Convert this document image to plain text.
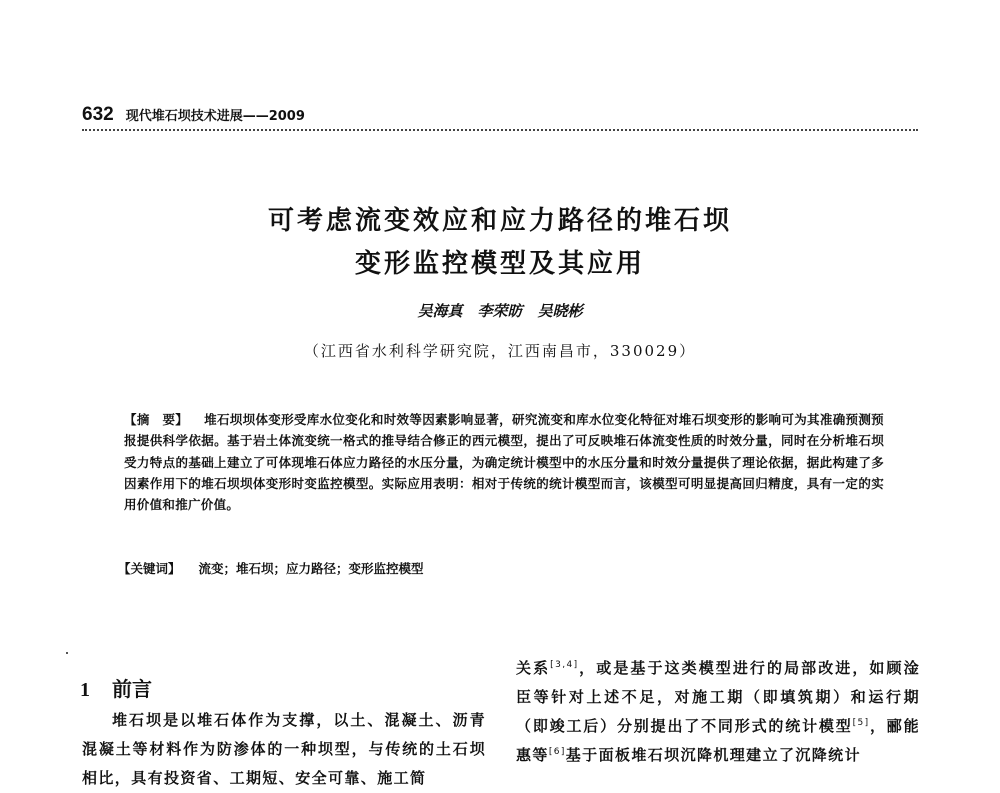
632 现代堆石坝技术进展——2009
可考虑流变效应和应力路径的堆石坝
变形监控模型及其应用
吴海真　李荣昉　吴晓彬
（江西省水利科学研究院，江西南昌市，330029）
【摘　要】 堆石坝坝体变形受库水位变化和时效等因素影响显著，研究流变和库水位变化特征对堆石坝变形的影响可为其准确预测预报提供科学依据。基于岩土体流变统一格式的推导结合修正的西元模型，提出了可反映堆石体流变性质的时效分量，同时在分析堆石坝受力特点的基础上建立了可体现堆石体应力路径的水压分量，为确定统计模型中的水压分量和时效分量提供了理论依据，据此构建了多因素作用下的堆石坝坝体变形时变监控模型。实际应用表明：相对于传统的统计模型而言，该模型可明显提高回归精度，具有一定的实用价值和推广价值。
【关键词】 流变；堆石坝；应力路径；变形监控模型
1 前言

堆石坝是以堆石体作为支撑，以土、混凝土、沥青混凝土等材料作为防渗体的一种坝型，与传统的土石坝相比，具有投资省、工期短、安全可靠、施工简

关系[3,4]，或是基于这类模型进行的局部改进，如顾淦臣等针对上述不足，对施工期（即填筑期）和运行期（即竣工后）分别提出了不同形式的统计模型[5]，郦能惠等[6]基于面板堆石坝沉降机理建立了沉降统计
